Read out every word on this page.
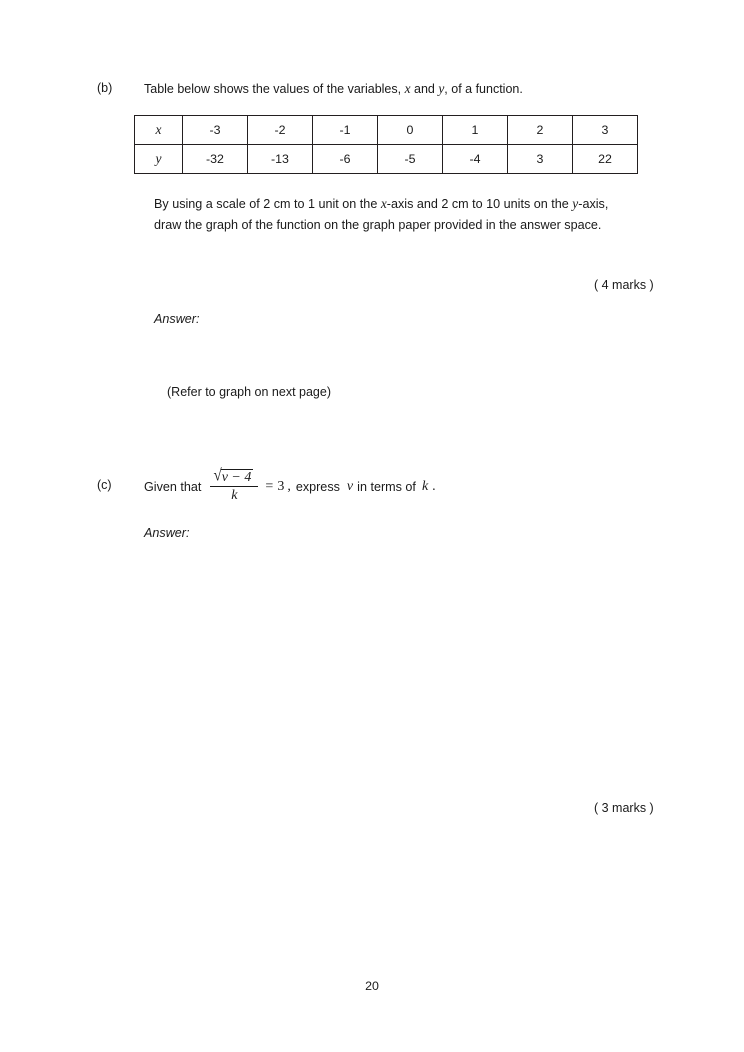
(b)	Table below shows the values of the variables, x and y, of a function.
x	-3	-2	-1	0	1	2	3
y	-32	-13	-6	-5	-4	3	22
By using a scale of 2 cm to 1 unit on the x-axis and 2 cm to 10 units on the y-axis, draw the graph of the function on the graph paper provided in the answer space.
( 4 marks )
Answer:
(Refer to graph on next page)
(c)	Given that $\frac{√ v - 4}{k} = 3$ , express v in terms of k .
Answer:
( 3 marks )
20
